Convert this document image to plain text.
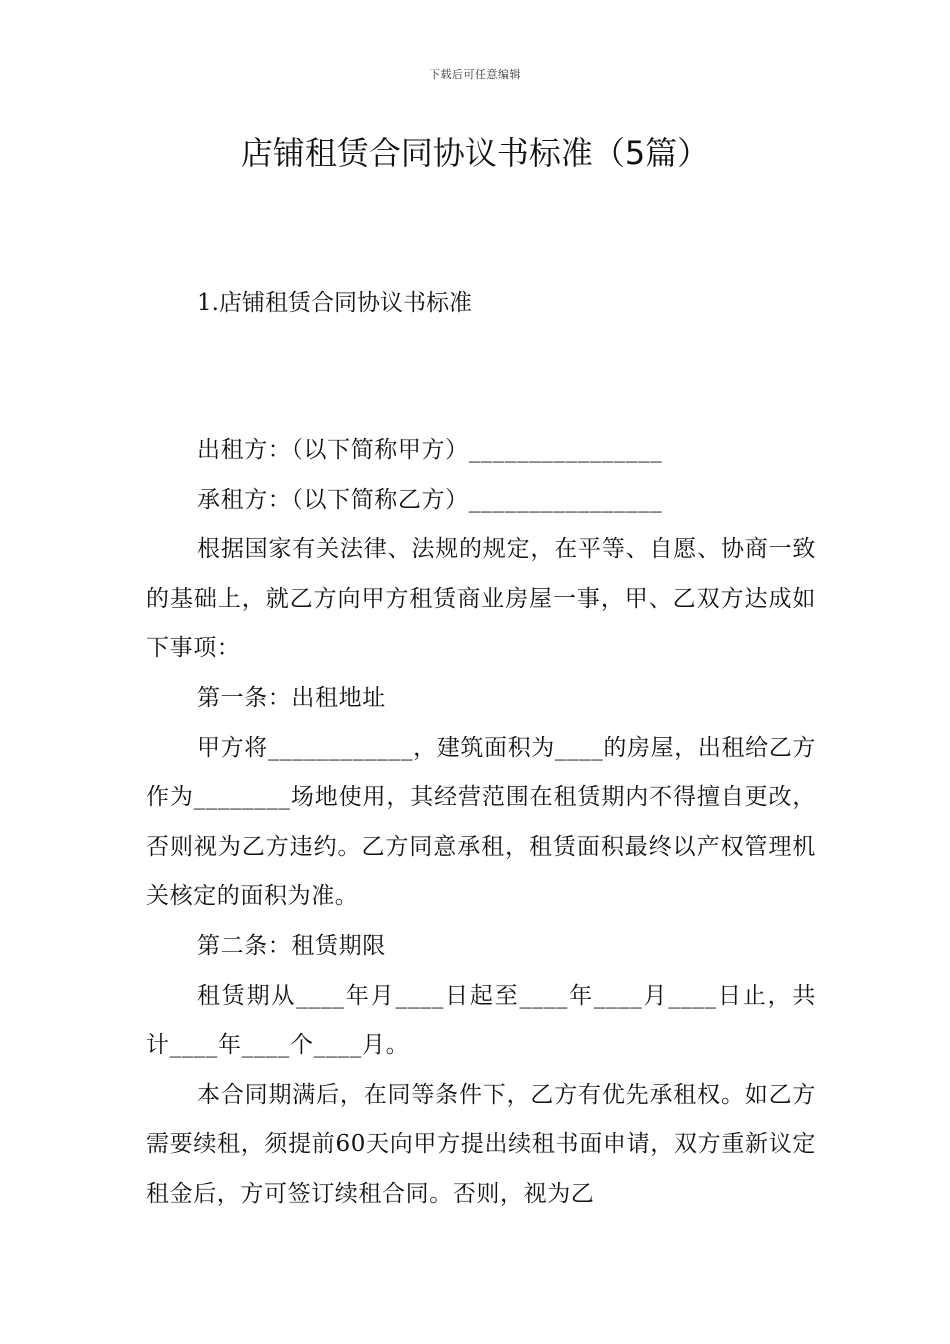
下载后可任意编辑
店铺租赁合同协议书标准（5篇）
1.店铺租赁合同协议书标准

出租方：（以下简称甲方）________________

承租方：（以下简称乙方）________________

根据国家有关法律、法规的规定，在平等、自愿、协商一致的基础上，就乙方向甲方租赁商业房屋一事，甲、乙双方达成如下事项：

第一条：出租地址

甲方将____________，建筑面积为____的房屋，出租给乙方作为________场地使用，其经营范围在租赁期内不得擅自更改，否则视为乙方违约。乙方同意承租，租赁面积最终以产权管理机关核定的面积为准。

第二条：租赁期限

租赁期从____年月____日起至____年____月____日止，共计____年____个____月。

本合同期满后，在同等条件下，乙方有优先承租权。如乙方需要续租，须提前60天向甲方提出续租书面申请，双方重新议定租金后，方可签订续租合同。否则，视为乙
